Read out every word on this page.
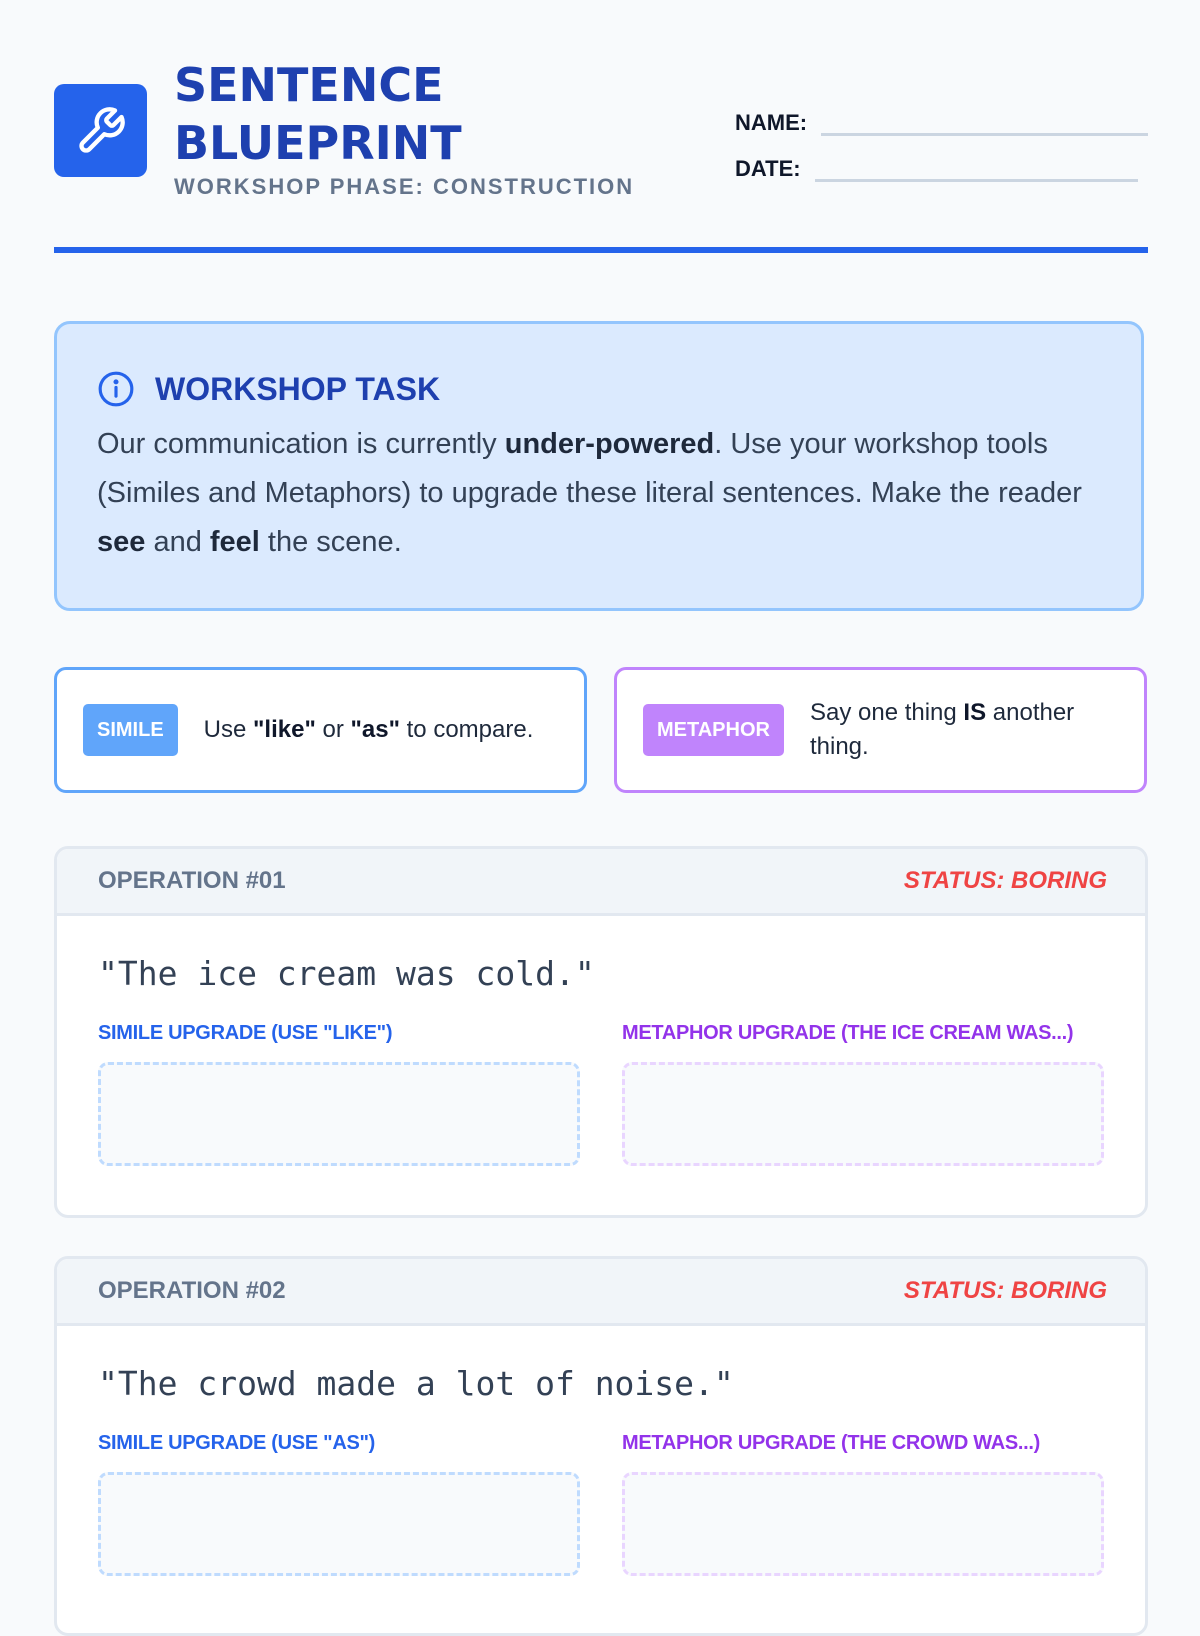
SENTENCE
BLUEPRINT
WORKSHOP PHASE: CONSTRUCTION
NAME:
DATE:
WORKSHOP TASK
Our communication is currently under-powered. Use your workshop tools (Similes and Metaphors) to upgrade these literal sentences. Make the reader see and feel the scene.
SIMILE	Use "like" or "as" to compare.	METAPHOR
Say one thing IS another thing.
OPERATION #01	STATUS: BORING
"The ice cream was cold."
SIMILE UPGRADE (USE "LIKE")	METAPHOR UPGRADE (THE ICE CREAM WAS...)
OPERATION #02	STATUS: BORING
"The crowd made a lot of noise."
SIMILE UPGRADE (USE "AS")	METAPHOR UPGRADE (THE CROWD WAS...)
